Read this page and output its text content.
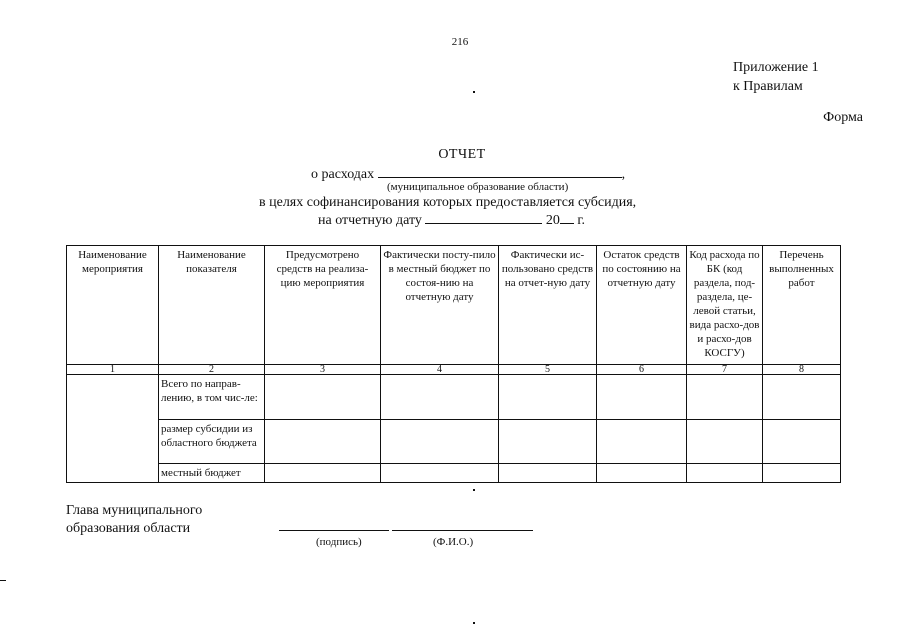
216
Приложение 1
к Правилам
Форма
ОТЧЕТ
о расходах	,
(муниципальное образование области)
в целях софинансирования которых предоставляется субсидия,
на отчетную дату	20 г.
Наименование мероприятия	Наименование показателя	Предусмотрено средств на реализа-цию мероприятия	Фактически посту-пило в местный бюджет по состоя-нию на отчетную дату	Фактически ис-пользовано средств на отчет-ную дату	Остаток средств по состоянию на отчетную дату	Код расхода по БК (код раздела, под-раздела, це-левой статьи, вида расхо-дов и расхо-дов КОСГУ)	Перечень выполненных работ
1	2	3	4	5	6	7	8
	Всего по направ-лению, в том чис-ле:						
	размер субсидии из областного бюджета						
	местный бюджет						
Глава муниципального
образования области
(подпись)	(Ф.И.О.)
